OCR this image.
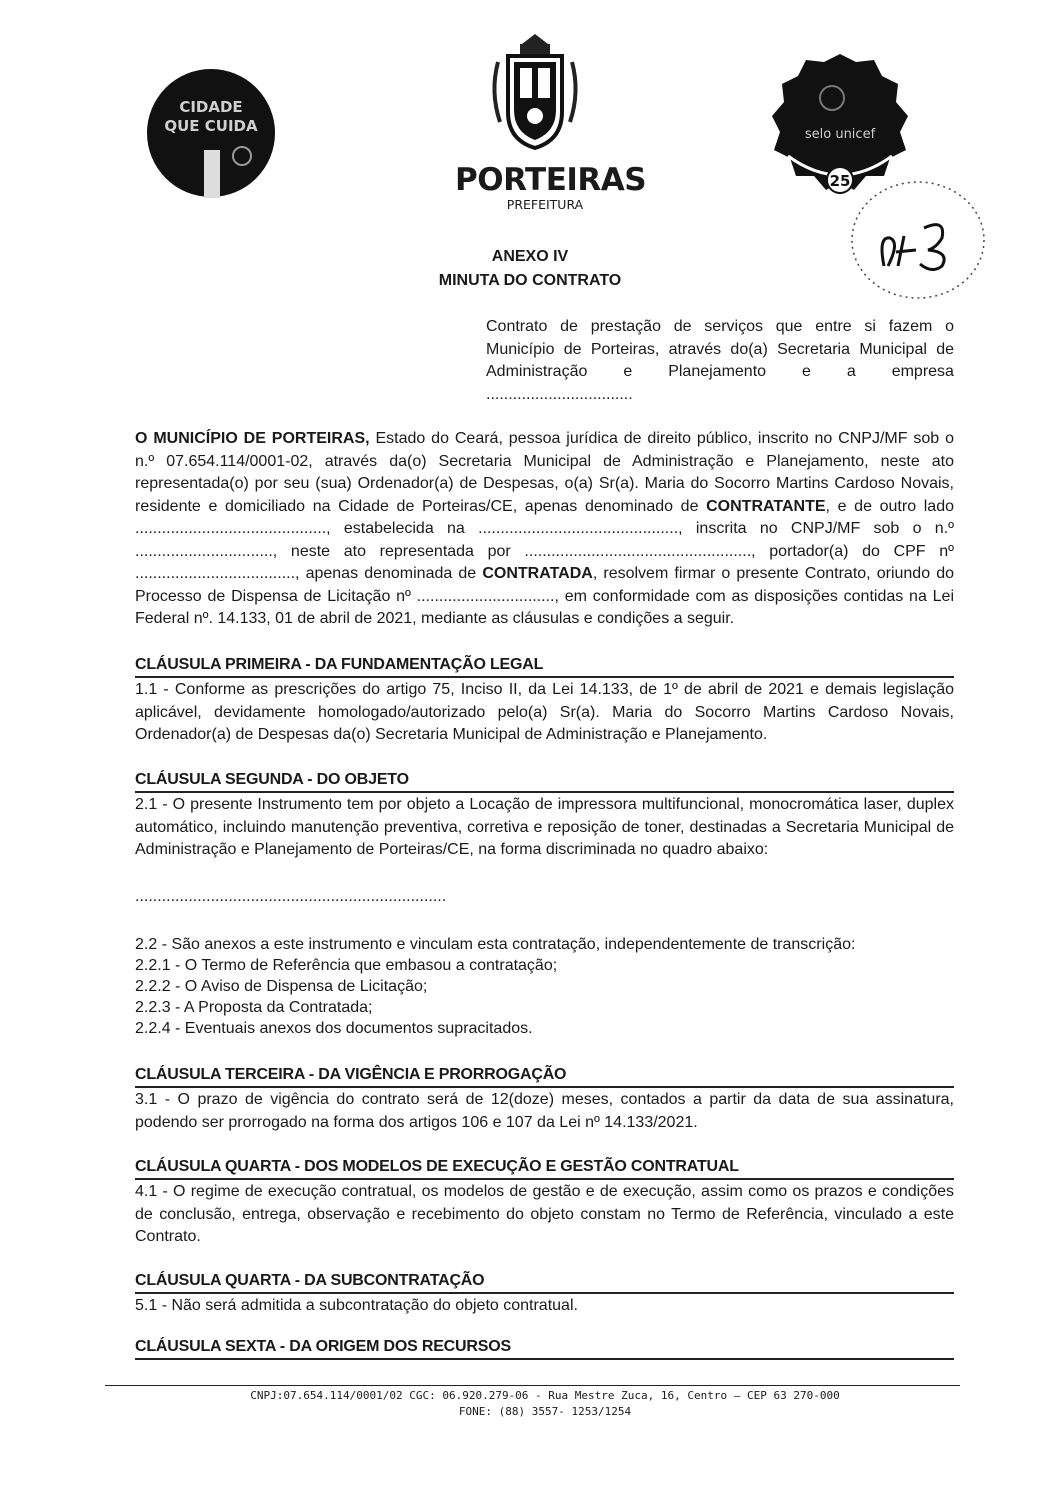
CIDADE
QUE CUIDA
PORTEIRAS
PREFEITURA
25
selo unicef
ANEXO IV
MINUTA DO CONTRATO
Contrato de prestação de serviços que entre si fazem o
Município de Porteiras, através do(a) Secretaria Municipal de
Administração e Planejamento e a empresa
.................................
O MUNICÍPIO DE PORTEIRAS, Estado do Ceará, pessoa jurídica de direito público, inscrito no CNPJ/MF sob o
n.º 07.654.114/0001-02, através da(o) Secretaria Municipal de Administração e Planejamento, neste ato
representada(o) por seu (sua) Ordenador(a) de Despesas, o(a) Sr(a). Maria do Socorro Martins Cardoso Novais,
residente e domiciliado na Cidade de Porteiras/CE, apenas denominado de CONTRATANTE, e de outro lado
..........................................., estabelecida na ............................................., inscrita no CNPJ/MF sob o n.º
..............................., neste ato representada por ..................................................., portador(a) do CPF nº
...................................., apenas denominada de CONTRATADA, resolvem firmar o presente Contrato, oriundo do
Processo de Dispensa de Licitação nº ..............................., em conformidade com as disposições contidas na Lei
Federal nº. 14.133, 01 de abril de 2021, mediante as cláusulas e condições a seguir.
CLÁUSULA PRIMEIRA - DA FUNDAMENTAÇÃO LEGAL
1.1 - Conforme as prescrições do artigo 75, Inciso II, da Lei 14.133, de 1º de abril de 2021 e demais legislação
aplicável, devidamente homologado/autorizado pelo(a) Sr(a). Maria do Socorro Martins Cardoso Novais,
Ordenador(a) de Despesas da(o) Secretaria Municipal de Administração e Planejamento.
CLÁUSULA SEGUNDA - DO OBJETO
2.1 - O presente Instrumento tem por objeto a Locação de impressora multifuncional, monocromática laser, duplex
automático, incluindo manutenção preventiva, corretiva e reposição de toner, destinadas a Secretaria Municipal de
Administração e Planejamento de Porteiras/CE, na forma discriminada no quadro abaixo:
......................................................................
2.2 - São anexos a este instrumento e vinculam esta contratação, independentemente de transcrição:
2.2.1 - O Termo de Referência que embasou a contratação;
2.2.2 - O Aviso de Dispensa de Licitação;
2.2.3 - A Proposta da Contratada;
2.2.4 - Eventuais anexos dos documentos supracitados.
CLÁUSULA TERCEIRA - DA VIGÊNCIA E PRORROGAÇÃO
3.1 - O prazo de vigência do contrato será de 12(doze) meses, contados a partir da data de sua assinatura,
podendo ser prorrogado na forma dos artigos 106 e 107 da Lei nº 14.133/2021.
CLÁUSULA QUARTA - DOS MODELOS DE EXECUÇÃO E GESTÃO CONTRATUAL
4.1 - O regime de execução contratual, os modelos de gestão e de execução, assim como os prazos e condições
de conclusão, entrega, observação e recebimento do objeto constam no Termo de Referência, vinculado a este
Contrato.
CLÁUSULA QUARTA - DA SUBCONTRATAÇÃO
5.1 - Não será admitida a subcontratação do objeto contratual.
CLÁUSULA SEXTA - DA ORIGEM DOS RECURSOS
CNPJ:07.654.114/0001/02 CGC: 06.920.279-06 - Rua Mestre Zuca, 16, Centro – CEP 63 270-000
FONE: (88) 3557- 1253/1254
